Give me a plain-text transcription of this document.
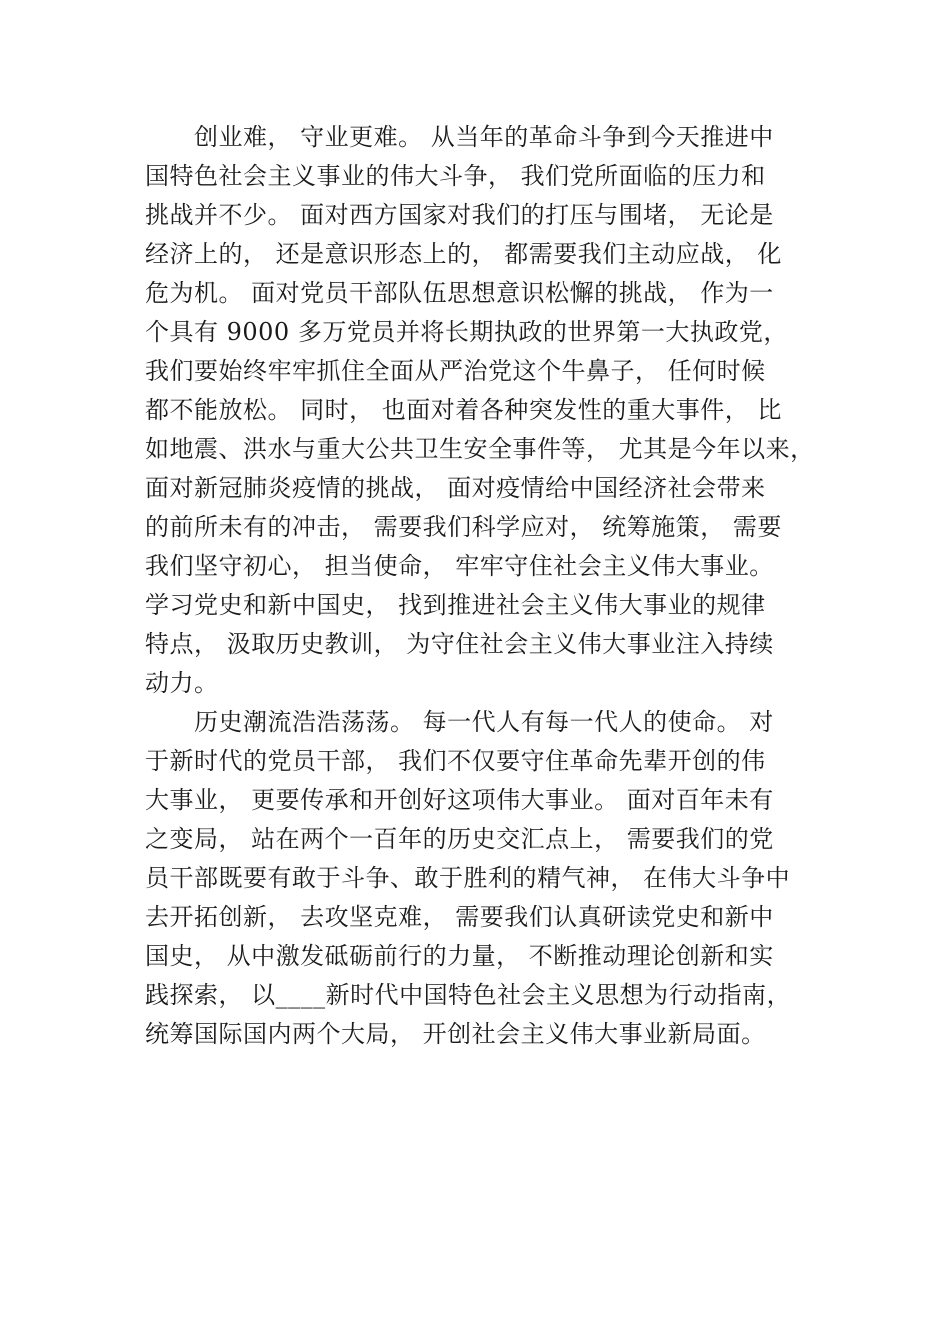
　　创业难， 守业更难。 从当年的革命斗争到今天推进中
国特色社会主义事业的伟大斗争， 我们党所面临的压力和
挑战并不少。 面对西方国家对我们的打压与围堵， 无论是
经济上的， 还是意识形态上的， 都需要我们主动应战， 化
危为机。 面对党员干部队伍思想意识松懈的挑战， 作为一
个具有 9000 多万党员并将长期执政的世界第一大执政党，
我们要始终牢牢抓住全面从严治党这个牛鼻子， 任何时候
都不能放松。 同时， 也面对着各种突发性的重大事件， 比
如地震、洪水与重大公共卫生安全事件等， 尤其是今年以来，
面对新冠肺炎疫情的挑战， 面对疫情给中国经济社会带来
的前所未有的冲击， 需要我们科学应对， 统筹施策， 需要
我们坚守初心， 担当使命， 牢牢守住社会主义伟大事业。
学习党史和新中国史， 找到推进社会主义伟大事业的规律
特点， 汲取历史教训， 为守住社会主义伟大事业注入持续
动力。
　　历史潮流浩浩荡荡。 每一代人有每一代人的使命。 对
于新时代的党员干部， 我们不仅要守住革命先辈开创的伟
大事业， 更要传承和开创好这项伟大事业。 面对百年未有
之变局， 站在两个一百年的历史交汇点上， 需要我们的党
员干部既要有敢于斗争、敢于胜利的精气神， 在伟大斗争中
去开拓创新， 去攻坚克难， 需要我们认真研读党史和新中
国史， 从中激发砥砺前行的力量， 不断推动理论创新和实
践探索， 以____新时代中国特色社会主义思想为行动指南，
统筹国际国内两个大局， 开创社会主义伟大事业新局面。
